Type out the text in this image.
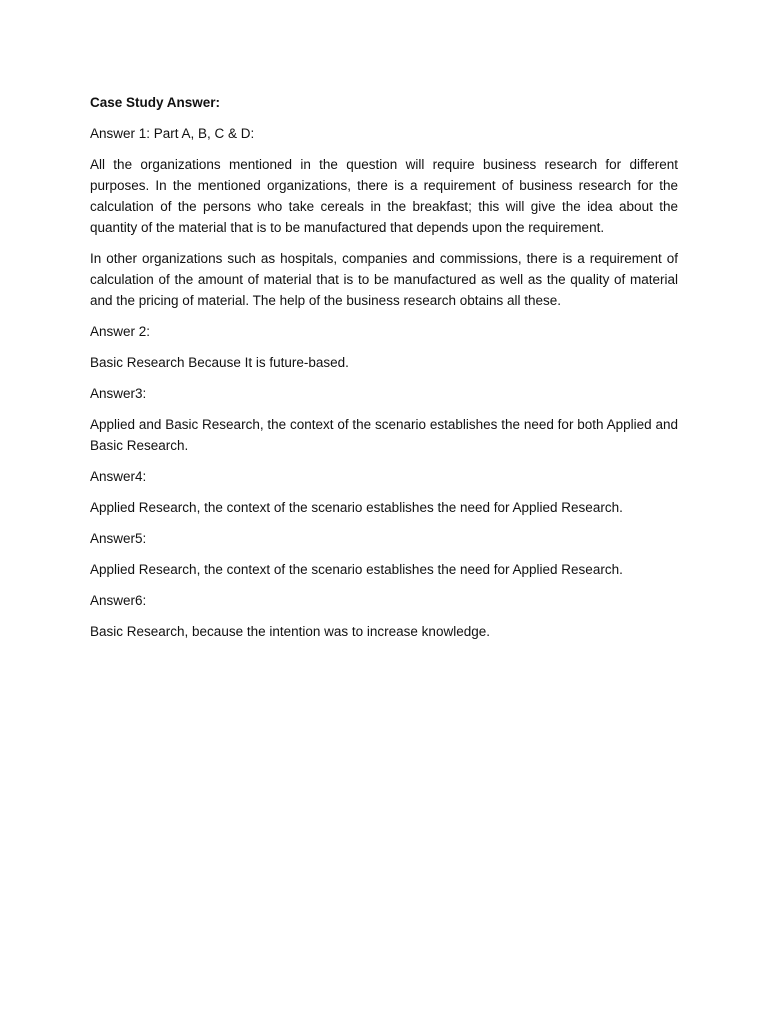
Case Study Answer:
Answer 1: Part A, B, C & D:
All the organizations mentioned in the question will require business research for different purposes. In the mentioned organizations, there is a requirement of business research for the calculation of the persons who take cereals in the breakfast; this will give the idea about the quantity of the material that is to be manufactured that depends upon the requirement.
In other organizations such as hospitals, companies and commissions, there is a requirement of calculation of the amount of material that is to be manufactured as well as the quality of material and the pricing of material. The help of the business research obtains all these.
Answer 2:
Basic Research Because It is future-based.
Answer3:
Applied and Basic Research, the context of the scenario establishes the need for both Applied and Basic Research.
Answer4:
Applied Research, the context of the scenario establishes the need for Applied Research.
Answer5:
Applied Research, the context of the scenario establishes the need for Applied Research.
Answer6:
Basic Research, because the intention was to increase knowledge.
